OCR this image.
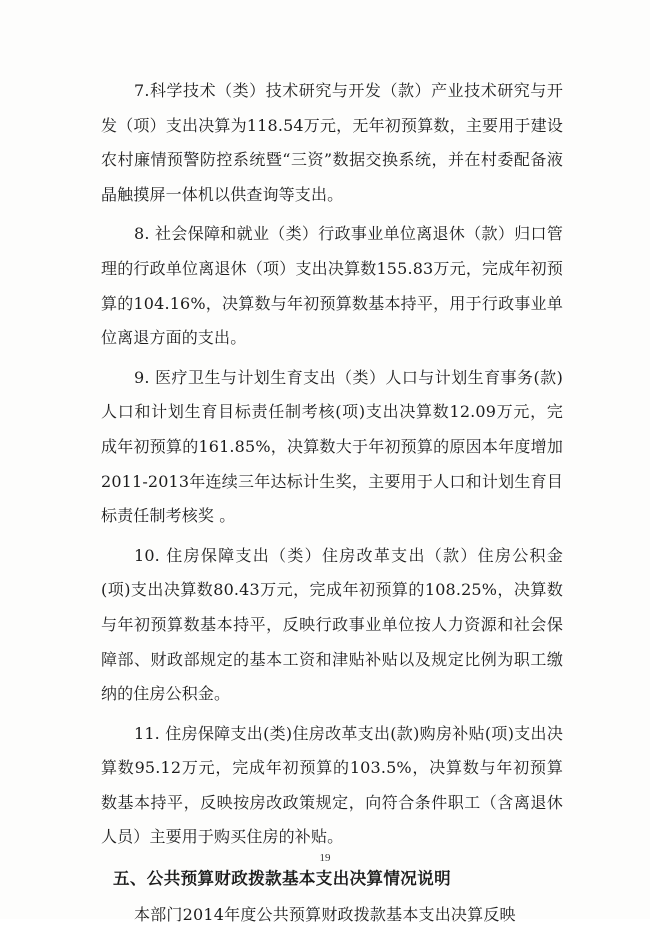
7.科学技术（类）技术研究与开发（款）产业技术研究与开发（项）支出决算为118.54万元，无年初预算数，主要用于建设农村廉情预警防控系统暨“三资”数据交换系统，并在村委配备液晶触摸屏一体机以供查询等支出。

8. 社会保障和就业（类）行政事业单位离退休（款）归口管理的行政单位离退休（项）支出决算数155.83万元，完成年初预算的104.16%，决算数与年初预算数基本持平，用于行政事业单位离退方面的支出。

9. 医疗卫生与计划生育支出（类）人口与计划生育事务(款)人口和计划生育目标责任制考核(项)支出决算数12.09万元，完成年初预算的161.85%，决算数大于年初预算的原因本年度增加2011-2013年连续三年达标计生奖，主要用于人口和计划生育目标责任制考核奖 。

10. 住房保障支出（类）住房改革支出（款）住房公积金(项)支出决算数80.43万元，完成年初预算的108.25%，决算数与年初预算数基本持平，反映行政事业单位按人力资源和社会保障部、财政部规定的基本工资和津贴补贴以及规定比例为职工缴纳的住房公积金。

11. 住房保障支出(类)住房改革支出(款)购房补贴(项)支出决算数95.12万元，完成年初预算的103.5%，决算数与年初预算数基本持平，反映按房改政策规定，向符合条件职工（含离退休人员）主要用于购买住房的补贴。

五、公共预算财政拨款基本支出决算情况说明

本部门2014年度公共预算财政拨款基本支出决算反映

19
